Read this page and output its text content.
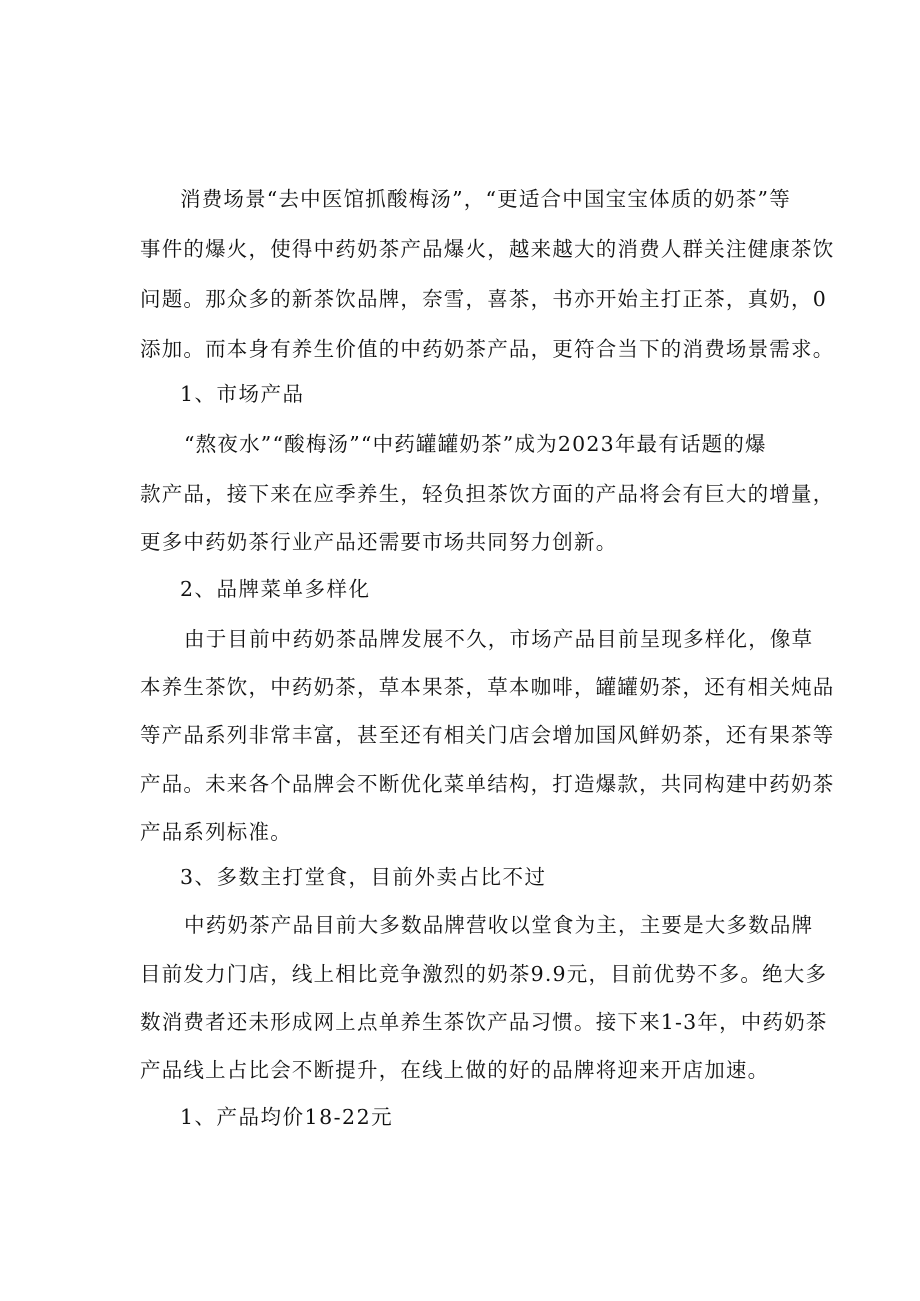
消费场景“去中医馆抓酸梅汤”，“更适合中国宝宝体质的奶茶”等
事件的爆火，使得中药奶茶产品爆火，越来越大的消费人群关注健康茶饮
问题。那众多的新茶饮品牌，奈雪，喜茶，书亦开始主打正茶，真奶，0
添加。而本身有养生价值的中药奶茶产品，更符合当下的消费场景需求。
1、市场产品
“熬夜水”“酸梅汤”“中药罐罐奶茶”成为2023年最有话题的爆
款产品，接下来在应季养生，轻负担茶饮方面的产品将会有巨大的增量，
更多中药奶茶行业产品还需要市场共同努力创新。
2、品牌菜单多样化
由于目前中药奶茶品牌发展不久，市场产品目前呈现多样化，像草
本养生茶饮，中药奶茶，草本果茶，草本咖啡，罐罐奶茶，还有相关炖品
等产品系列非常丰富，甚至还有相关门店会增加国风鲜奶茶，还有果茶等
产品。未来各个品牌会不断优化菜单结构，打造爆款，共同构建中药奶茶
产品系列标准。
3、多数主打堂食，目前外卖占比不过
中药奶茶产品目前大多数品牌营收以堂食为主，主要是大多数品牌
目前发力门店，线上相比竞争激烈的奶茶9.9元，目前优势不多。绝大多
数消费者还未形成网上点单养生茶饮产品习惯。接下来1-3年，中药奶茶
产品线上占比会不断提升，在线上做的好的品牌将迎来开店加速。
1、产品均价18-22元
